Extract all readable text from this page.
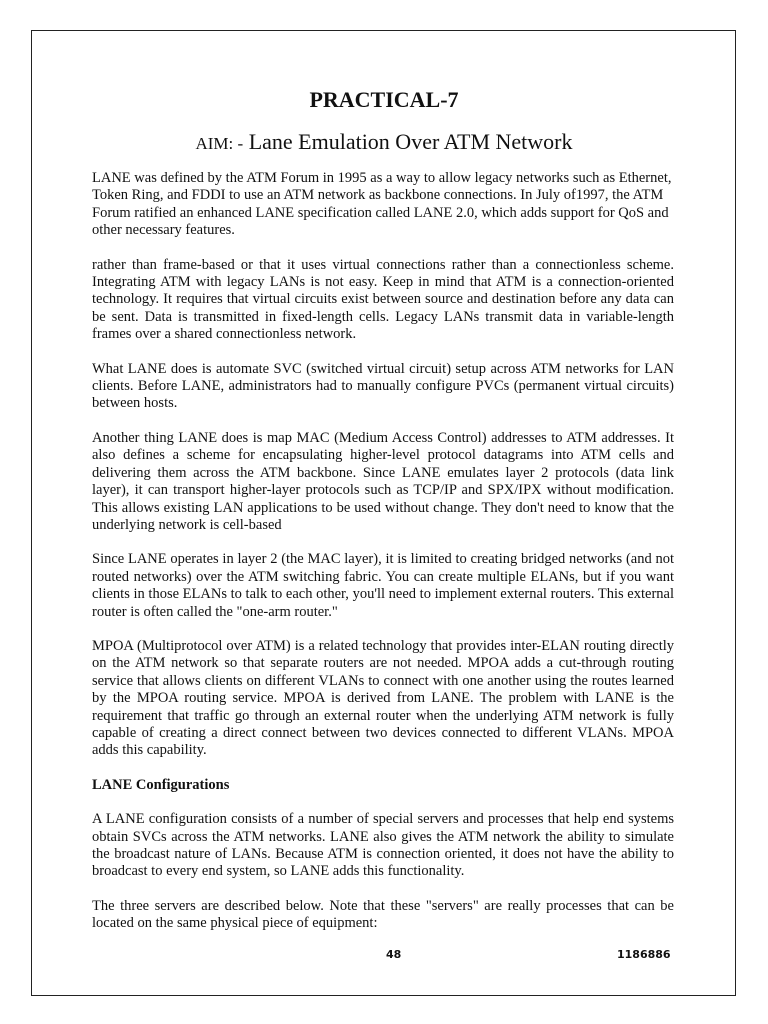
PRACTICAL-7
AIM: - Lane Emulation Over ATM Network

LANE was defined by the ATM Forum in 1995 as a way to allow legacy networks such as Ethernet, Token Ring, and FDDI to use an ATM network as backbone connections. In July of1997, the ATM Forum ratified an enhanced LANE specification called LANE 2.0, which adds support for QoS and other necessary features.

rather than frame-based or that it uses virtual connections rather than a connectionless scheme. Integrating ATM with legacy LANs is not easy. Keep in mind that ATM is a connection-oriented technology. It requires that virtual circuits exist between source and destination before any data can be sent. Data is transmitted in fixed-length cells. Legacy LANs transmit data in variable-length frames over a shared connectionless network.

What LANE does is automate SVC (switched virtual circuit) setup across ATM networks for LAN clients. Before LANE, administrators had to manually configure PVCs (permanent virtual circuits) between hosts.

Another thing LANE does is map MAC (Medium Access Control) addresses to ATM addresses. It also defines a scheme for encapsulating higher-level protocol datagrams into ATM cells and delivering them across the ATM backbone. Since LANE emulates layer 2 protocols (data link layer), it can transport higher-layer protocols such as TCP/IP and SPX/IPX without modification. This allows existing LAN applications to be used without change. They don't need to know that the underlying network is cell-based

Since LANE operates in layer 2 (the MAC layer), it is limited to creating bridged networks (and not routed networks) over the ATM switching fabric. You can create multiple ELANs, but if you want clients in those ELANs to talk to each other, you'll need to implement external routers. This external router is often called the "one-arm router."

MPOA (Multiprotocol over ATM) is a related technology that provides inter-ELAN routing directly on the ATM network so that separate routers are not needed. MPOA adds a cut-through routing service that allows clients on different VLANs to connect with one another using the routes learned by the MPOA routing service. MPOA is derived from LANE. The problem with LANE is the requirement that traffic go through an external router when the underlying ATM network is fully capable of creating a direct connect between two devices connected to different VLANs. MPOA adds this capability.

LANE Configurations

A LANE configuration consists of a number of special servers and processes that help end systems obtain SVCs across the ATM networks. LANE also gives the ATM network the ability to simulate the broadcast nature of LANs. Because ATM is connection oriented, it does not have the ability to broadcast to every end system, so LANE adds this functionality.

The three servers are described below. Note that these "servers" are really processes that can be located on the same physical piece of equipment:

48	1186886
